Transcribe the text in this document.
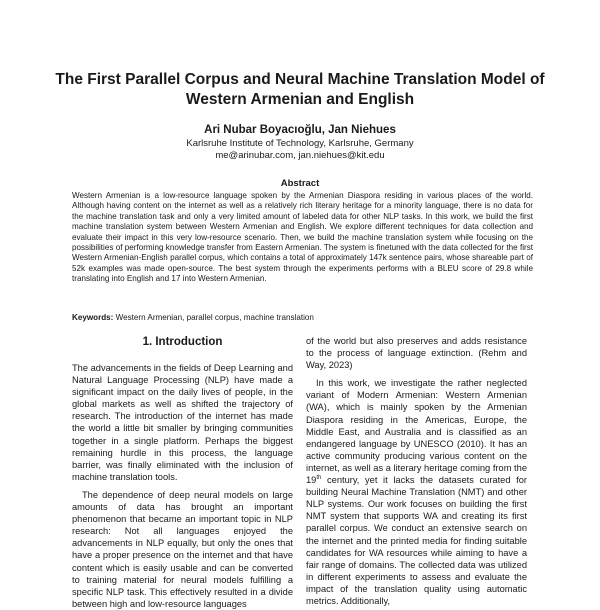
The First Parallel Corpus and Neural Machine Translation Model of
Western Armenian and English
Ari Nubar Boyacıoğlu, Jan Niehues
Karlsruhe Institute of Technology, Karlsruhe, Germany
me@arinubar.com, jan.niehues@kit.edu
Abstract

Western Armenian is a low-resource language spoken by the Armenian Diaspora residing in various places of the world. Although having content on the internet as well as a relatively rich literary heritage for a minority language, there is no data for the machine translation task and only a very limited amount of labeled data for other NLP tasks. In this work, we build the first machine translation system between Western Armenian and English. We explore different techniques for data collection and evaluate their impact in this very low-resource scenario. Then, we build the machine translation system while focusing on the possibilities of performing knowledge transfer from Eastern Armenian. The system is finetuned with the data collected for the first Western Armenian-English parallel corpus, which contains a total of approximately 147k sentence pairs, whose shareable part of 52k examples was made open-source. The best system through the experiments performs with a BLEU score of 29.8 while translating into English and 17 into Western Armenian.

Keywords: Western Armenian, parallel corpus, machine translation
1. Introduction

The advancements in the fields of Deep Learning and Natural Language Processing (NLP) have made a significant impact on the daily lives of people, in the global markets as well as shifted the trajectory of research. The introduction of the internet has made the world a little bit smaller by bringing communities together in a single platform. Perhaps the biggest remaining hurdle in this process, the language barrier, was finally eliminated with the inclusion of machine translation tools.

The dependence of deep neural models on large amounts of data has brought an important phenomenon that became an important topic in NLP research: Not all languages enjoyed the advancements in NLP equally, but only the ones that have a proper presence on the internet and that have content which is easily usable and can be converted to training material for neural models fulfilling a specific NLP task. This effectively resulted in a divide between high and low-resource languages

of the world but also preserves and adds resistance to the process of language extinction. (Rehm and Way, 2023)

In this work, we investigate the rather neglected variant of Modern Armenian: Western Armenian (WA), which is mainly spoken by the Armenian Diaspora residing in the Americas, Europe, the Middle East, and Australia and is classified as an endangered language by UNESCO (2010). It has an active community producing various content on the internet, as well as a literary heritage coming from the 19th century, yet it lacks the datasets curated for building Neural Machine Translation (NMT) and other NLP systems. Our work focuses on building the first NMT system that supports WA and creating its first parallel corpus. We conduct an extensive search on the internet and the printed media for finding suitable candidates for WA resources while aiming to have a fair range of domains. The collected data was utilized in different experiments to assess and evaluate the impact of the translation quality using automatic metrics. Additionally,
